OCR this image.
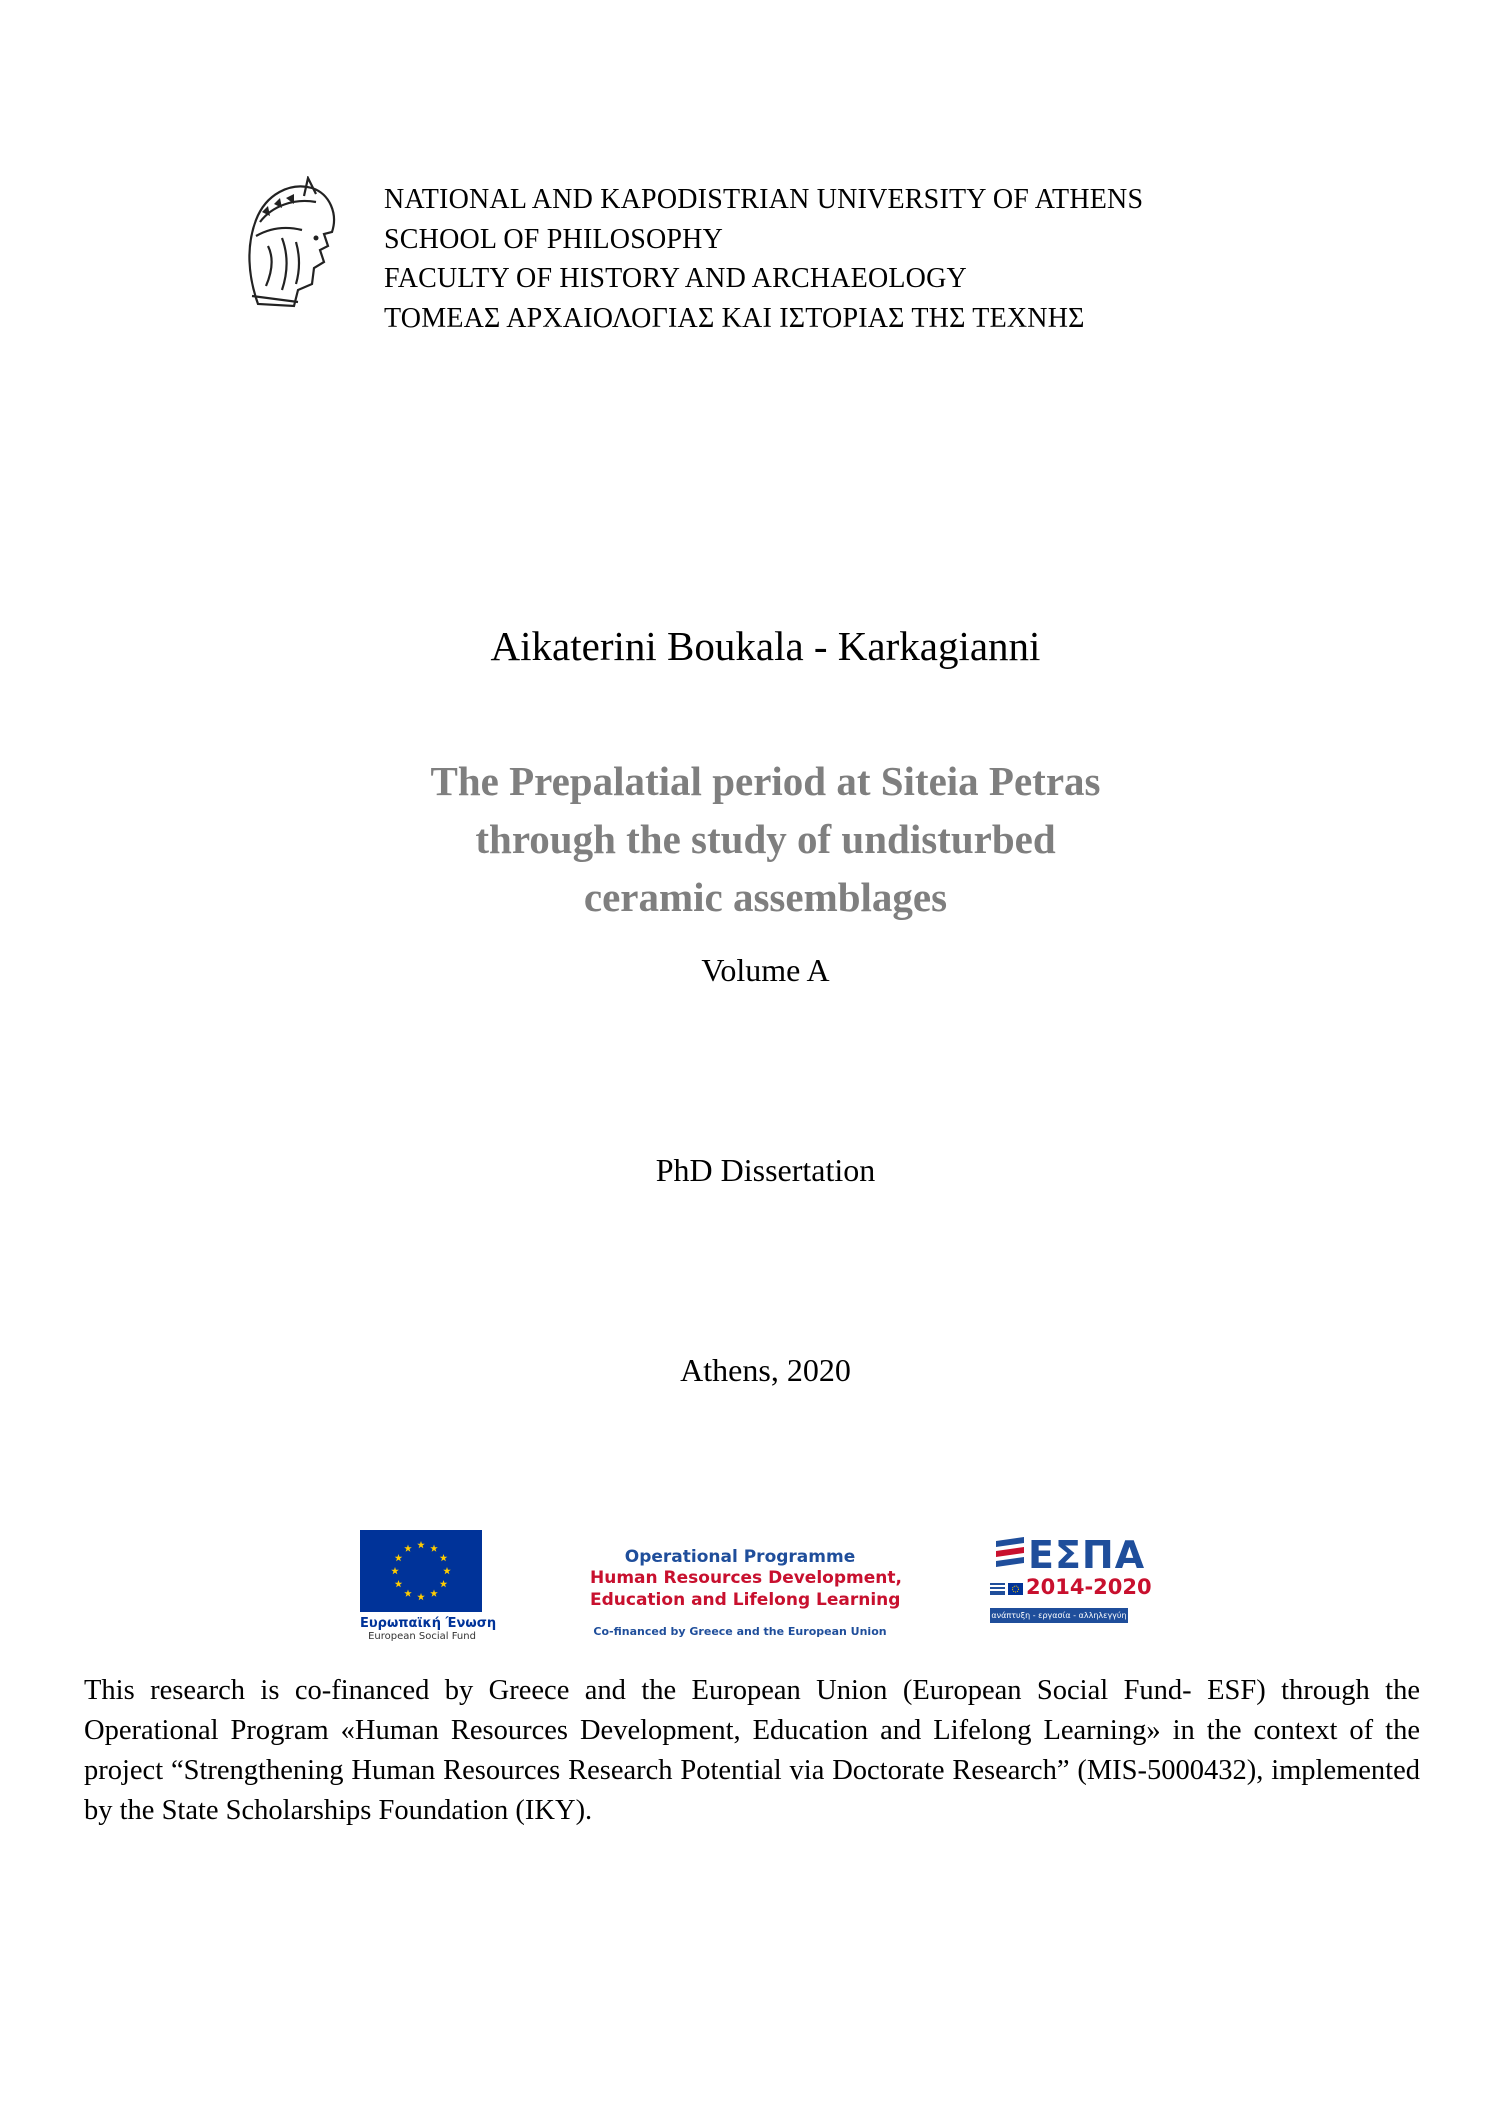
NATIONAL AND KAPODISTRIAN UNIVERSITY OF ATHENS
SCHOOL OF PHILOSOPHY
FACULTY OF HISTORY AND ARCHAEOLOGY
ΤΟΜΕΑΣ ΑΡΧΑΙΟΛΟΓΙΑΣ ΚΑΙ ΙΣΤΟΡΙΑΣ ΤΗΣ ΤΕΧΝΗΣ
Aikaterini Boukala - Karkagianni
The Prepalatial period at Siteia Petras
through the study of undisturbed
ceramic assemblages
Volume A
PhD Dissertation
Athens, 2020
Ευρωπαϊκή Ένωση
European Social Fund
Operational Programme
Human Resources Development,
Education and Lifelong Learning
Co-financed by Greece and the European Union
ΕΣΠΑ
2014-2020
ανάπτυξη - εργασία - αλληλεγγύη
This research is co-financed by Greece and the European Union (European Social Fund- ESF) through the Operational Program «Human Resources Development, Education and Lifelong Learning» in the context of the project “Strengthening Human Resources Research Potential via Doctorate Research” (MIS-5000432), implemented by the State Scholarships Foundation (IKY).
